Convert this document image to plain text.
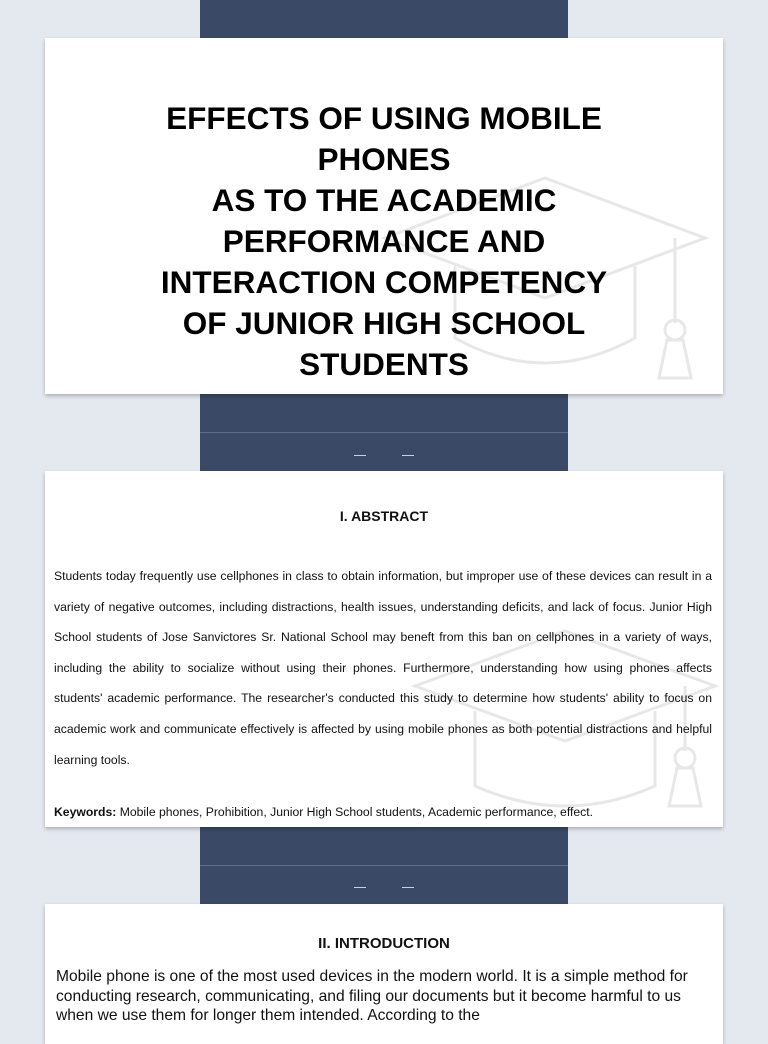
EFFECTS OF USING MOBILE
PHONES
AS TO THE ACADEMIC
PERFORMANCE AND
INTERACTION COMPETENCY
OF JUNIOR HIGH SCHOOL
STUDENTS
I. ABSTRACT

Students today frequently use cellphones in class to obtain information, but improper use of these devices can result in a variety of negative outcomes, including distractions, health issues, understanding deficits, and lack of focus. Junior High School students of Jose Sanvictores Sr. National School may beneft from this ban on cellphones in a variety of ways, including the ability to socialize without using their phones. Furthermore, understanding how using phones affects students' academic performance. The researcher's conducted this study to determine how students' ability to focus on academic work and communicate effectively is affected by using mobile phones as both potential distractions and helpful learning tools.

Keywords: Mobile phones, Prohibition, Junior High School students, Academic performance, effect.

II. INTRODUCTION

Mobile phone is one of the most used devices in the modern world. It is a simple method for conducting research, communicating, and filing our documents but it become harmful to us when we use them for longer them intended. According to the
